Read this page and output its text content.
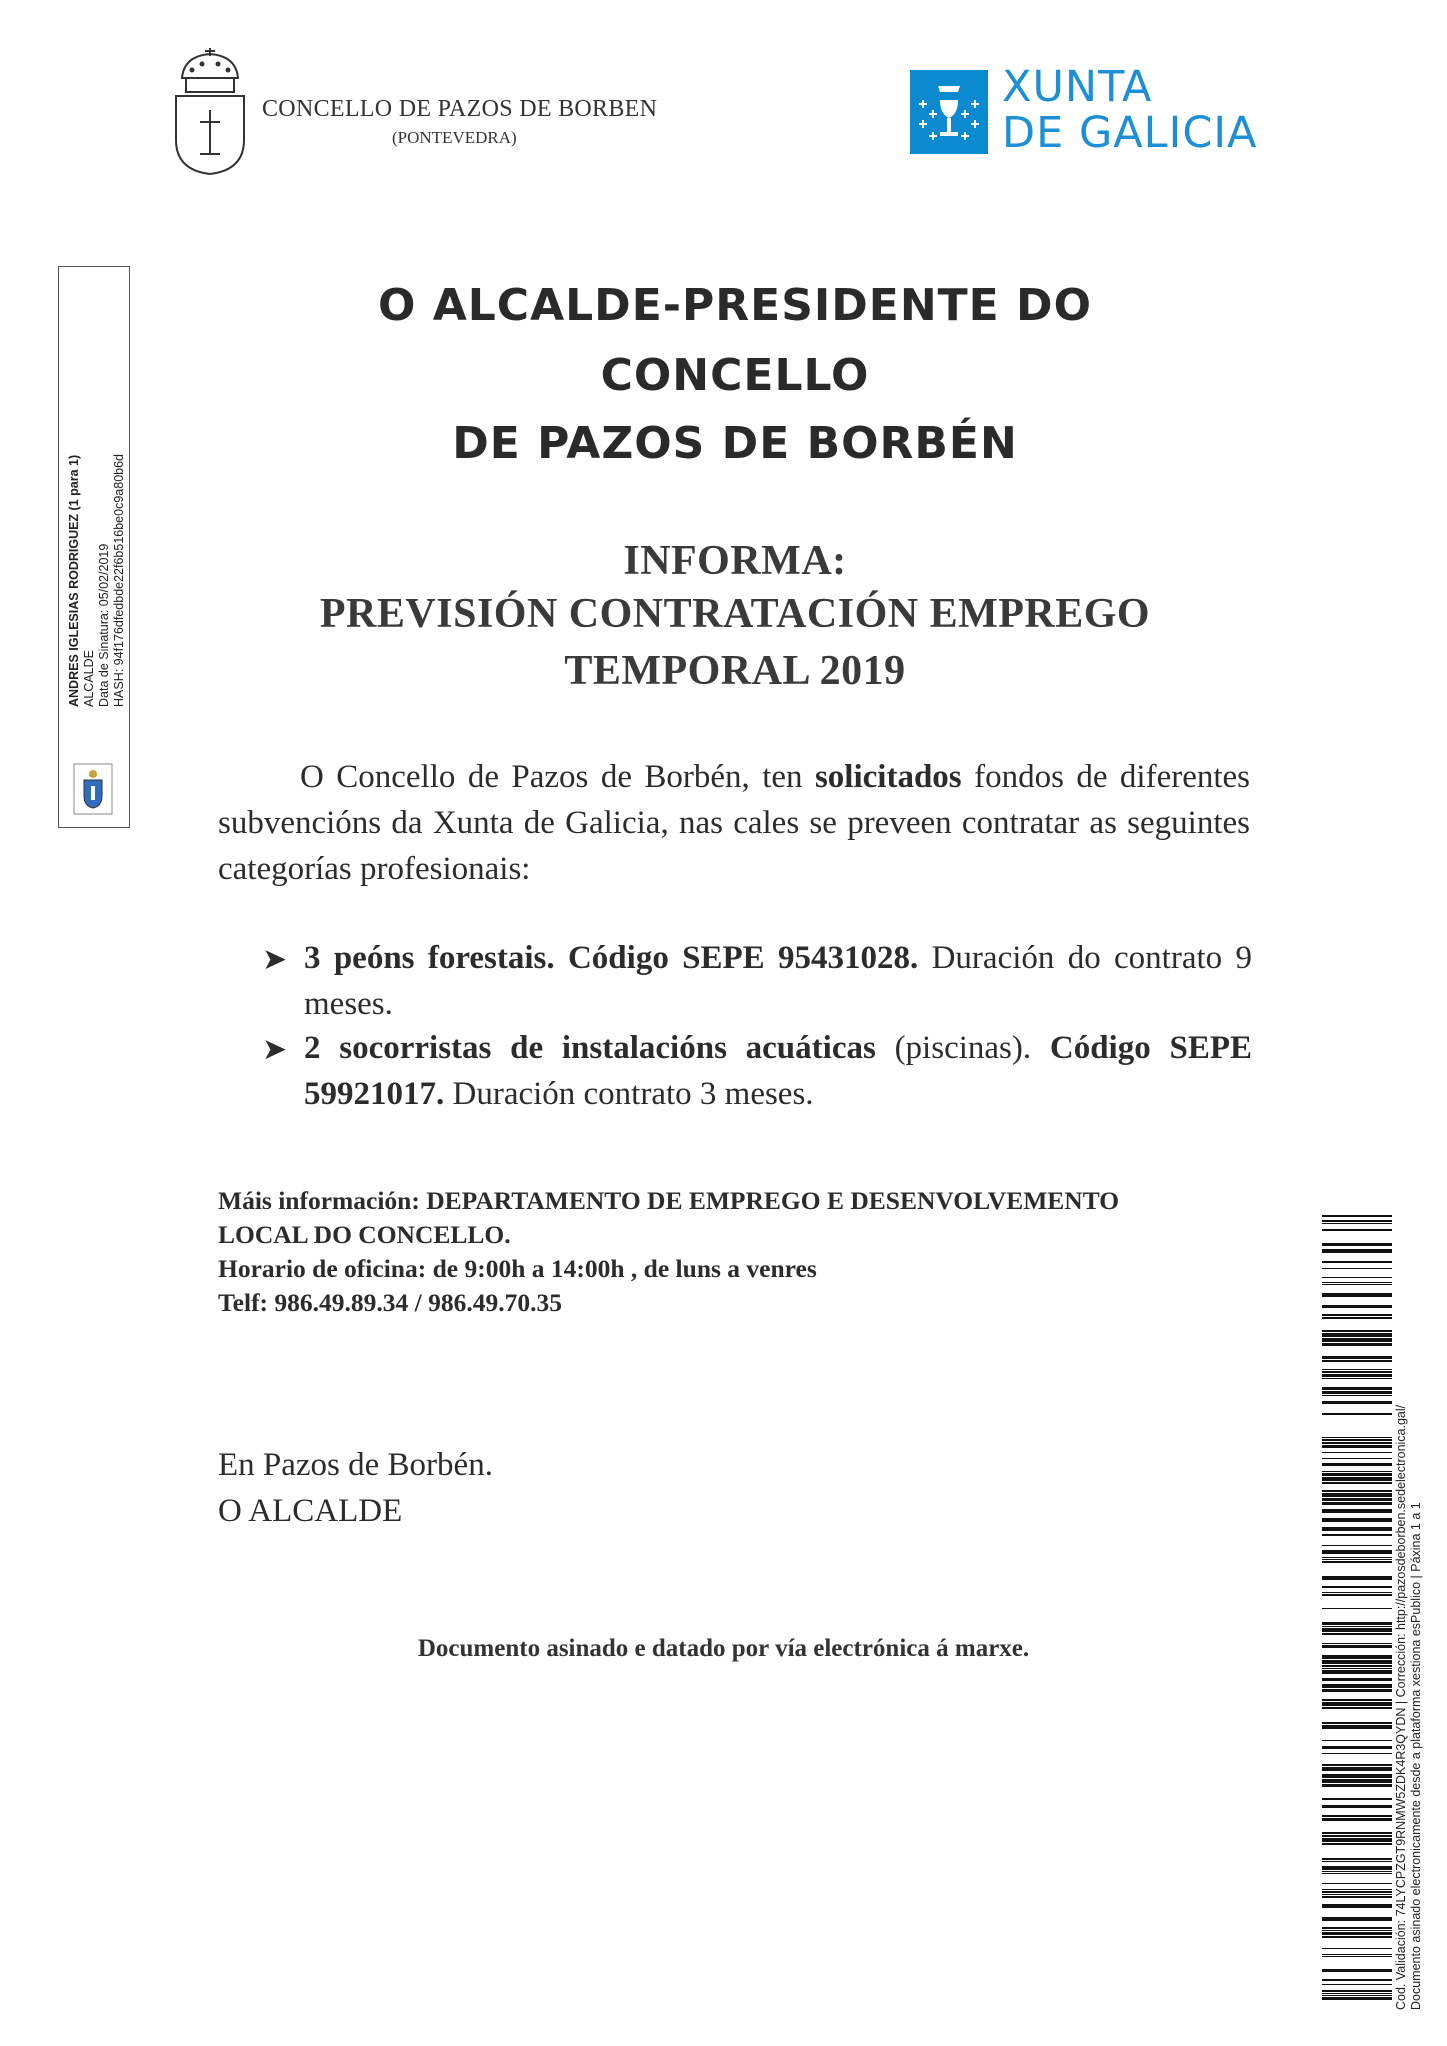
CONCELLO DE PAZOS DE BORBEN
(PONTEVEDRA)
XUNTA
DE GALICIA
ANDRES IGLESIAS RODRIGUEZ (1 para 1) ALCALDE Data de Sinatura: 05/02/2019 HASH: 94f176dfedbde22f6b516be0c9a80b6d
O ALCALDE-PRESIDENTE DO
CONCELLO
DE PAZOS DE BORBÉN
INFORMA:
PREVISIÓN CONTRATACIÓN EMPREGO
TEMPORAL 2019
O Concello de Pazos de Borbén, ten solicitados fondos de diferentes subvencións da Xunta de Galicia, nas cales se preveen contratar as seguintes categorías profesionais:
➤ 3 peóns forestais. Código SEPE 95431028. Duración do contrato 9 meses.
➤ 2 socorristas de instalacións acuáticas (piscinas). Código SEPE 59921017. Duración contrato 3 meses.
Máis información: DEPARTAMENTO DE EMPREGO E DESENVOLVEMENTO
LOCAL DO CONCELLO.
Horario de oficina: de 9:00h a 14:00h , de luns a venres
Telf: 986.49.89.34 / 986.49.70.35
En Pazos de Borbén.
O ALCALDE
Documento asinado e datado por vía electrónica á marxe.	Cod. Validación: 74LYCPZGT9RNMW5ZDK4R3QYDN | Corrección: http://pazosdeborben.sedelectronica.gal/ Documento asinado electronicamente desde a plataforma xestiona esPublico | Páxina 1 a 1
